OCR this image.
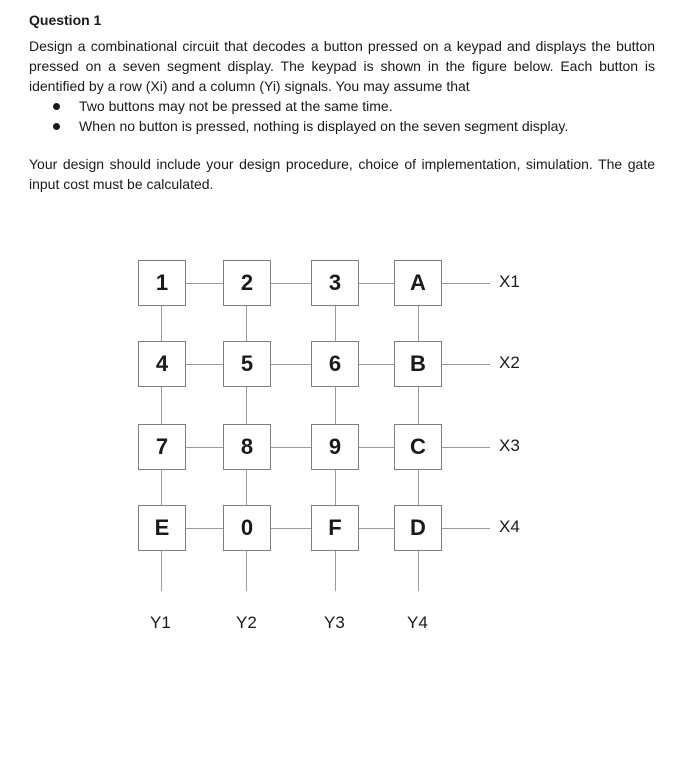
Question 1

Design a combinational circuit that decodes a button pressed on a keypad and displays the button pressed on a seven segment display. The keypad is shown in the figure below. Each button is identified by a row (Xi) and a column (Yi) signals. You may assume that

Two buttons may not be pressed at the same time.
When no button is pressed, nothing is displayed on the seven segment display.

Your design should include your design procedure, choice of implementation, simulation. The gate input cost must be calculated.

1	2	3	A
4	5	6	B
7	8	9	C
E	0	F	D
X1
X2
X3
X4
Y1	Y2	Y3	Y4
